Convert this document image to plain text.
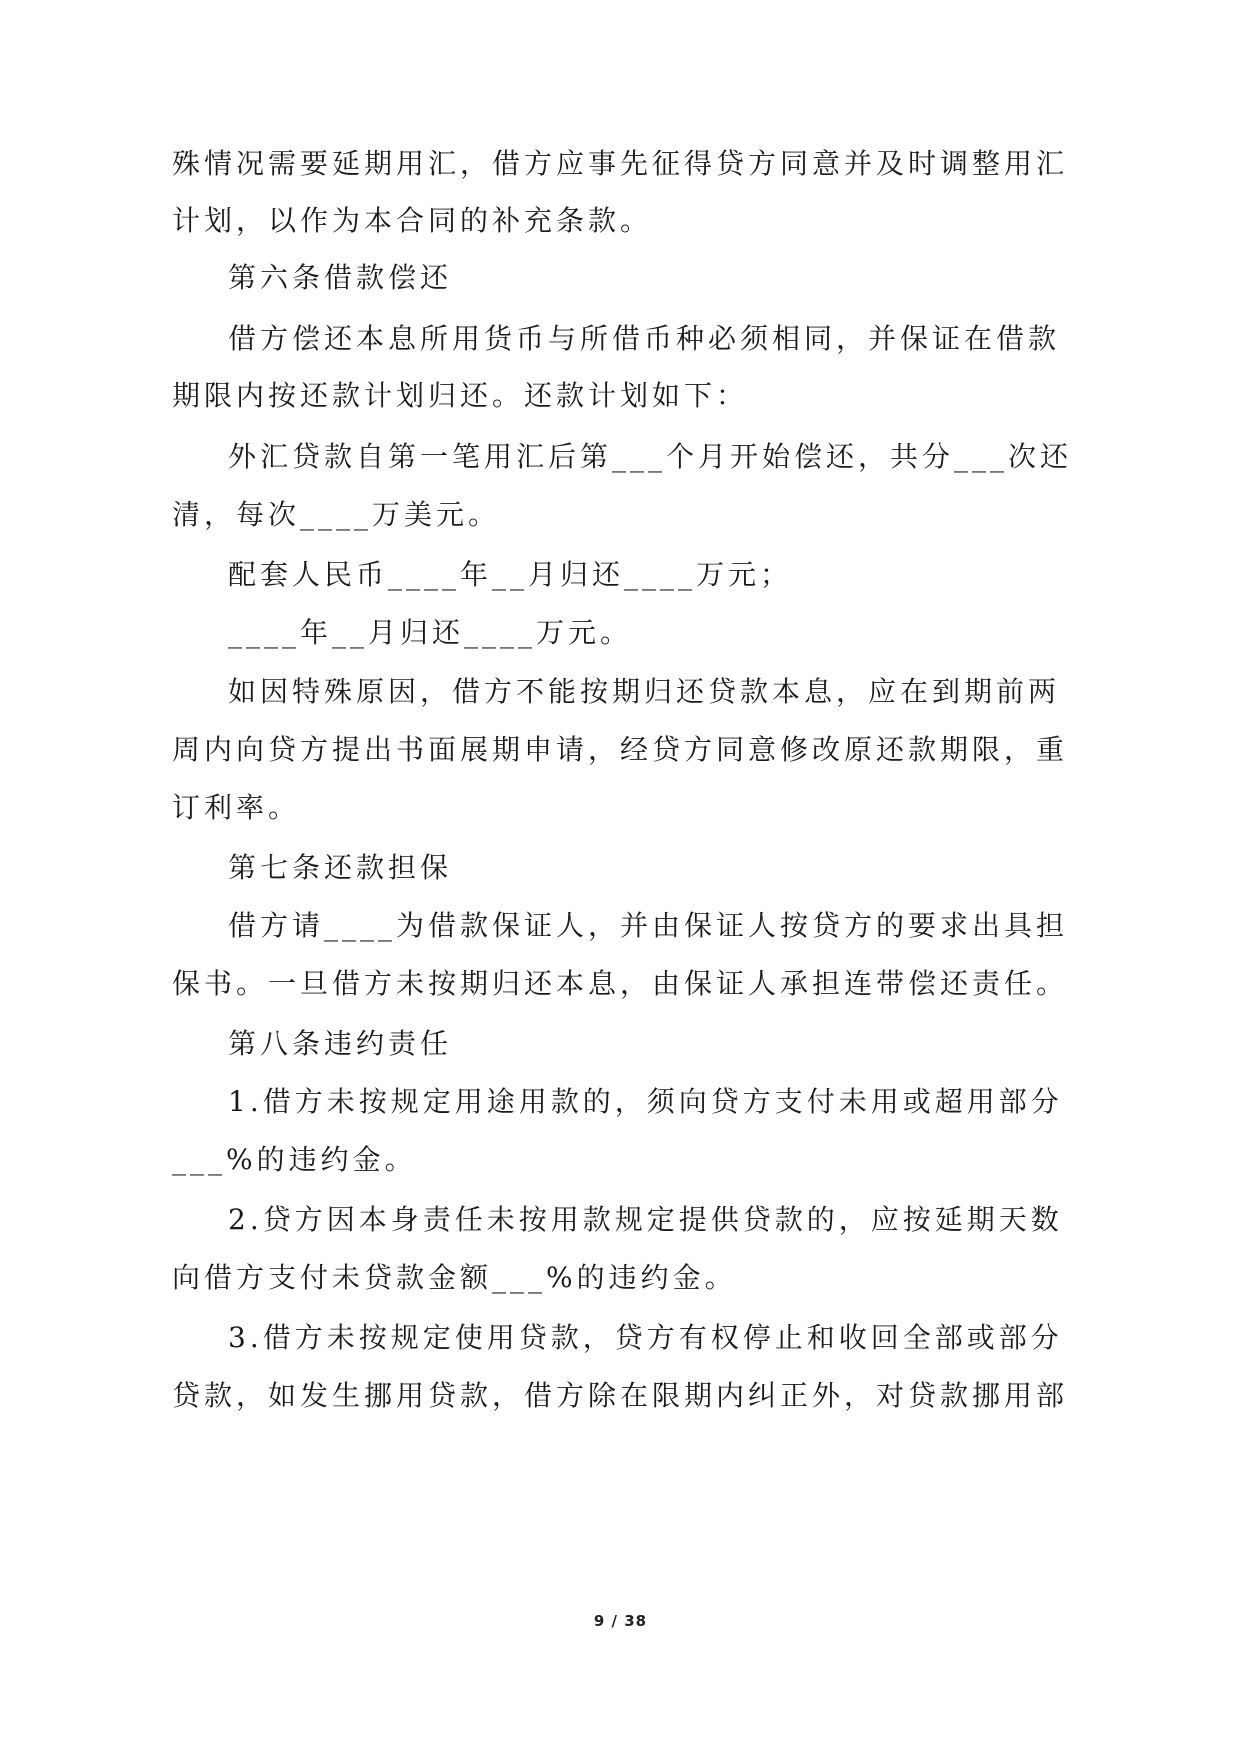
殊情况需要延期用汇，借方应事先征得贷方同意并及时调整用汇
计划，以作为本合同的补充条款。
第六条借款偿还
借方偿还本息所用货币与所借币种必须相同，并保证在借款
期限内按还款计划归还。还款计划如下：
外汇贷款自第一笔用汇后第___个月开始偿还，共分___次还
清，每次____万美元。
配套人民币____年__月归还____万元；
____年__月归还____万元。
如因特殊原因，借方不能按期归还贷款本息，应在到期前两
周内向贷方提出书面展期申请，经贷方同意修改原还款期限，重
订利率。
第七条还款担保
借方请____为借款保证人，并由保证人按贷方的要求出具担
保书。一旦借方未按期归还本息，由保证人承担连带偿还责任。
第八条违约责任
1.借方未按规定用途用款的，须向贷方支付未用或超用部分
___%的违约金。
2.贷方因本身责任未按用款规定提供贷款的，应按延期天数
向借方支付未贷款金额___%的违约金。
3.借方未按规定使用贷款，贷方有权停止和收回全部或部分
贷款，如发生挪用贷款，借方除在限期内纠正外，对贷款挪用部
9 / 38
